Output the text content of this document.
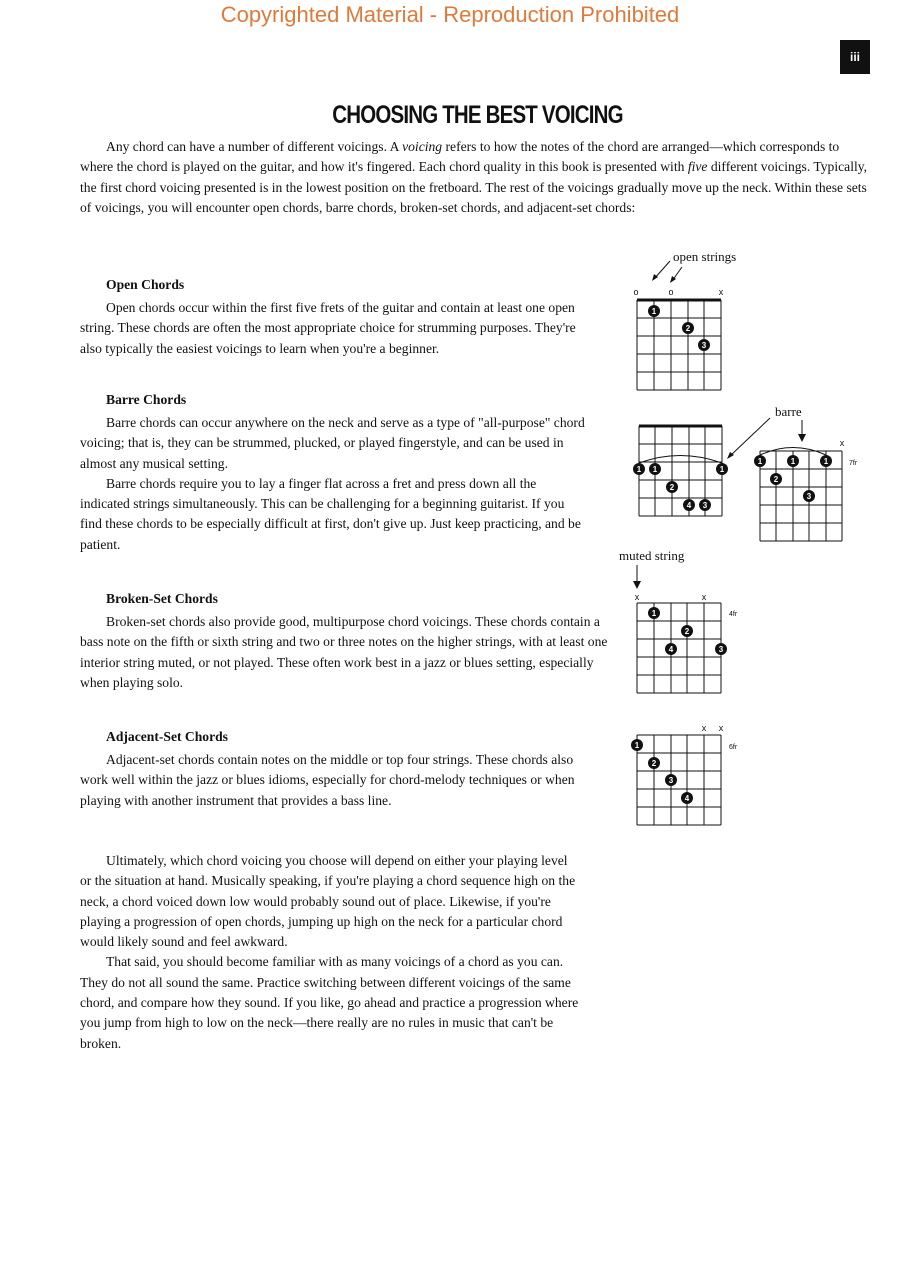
Copyrighted Material - Reproduction Prohibited
iii
CHOOSING THE BEST VOICING

Any chord can have a number of different voicings. A voicing refers to how the notes of the chord are arranged—which corresponds to where the chord is played on the guitar, and how it's fingered. Each chord quality in this book is presented with five different voicings. Typically, the first chord voicing presented is in the lowest position on the fretboard. The rest of the voicings gradually move up the neck. Within these sets of voicings, you will encounter open chords, barre chords, broken-set chords, and adjacent-set chords:

Open Chords

Open chords occur within the first five frets of the guitar and contain at least one open string. These chords are often the most appropriate choice for strumming purposes. They're also typically the easiest voicings to learn when you're a beginner.

Barre Chords

Barre chords can occur anywhere on the neck and serve as a type of "all-purpose" chord voicing; that is, they can be strummed, plucked, or played fingerstyle, and can be used in almost any musical setting.

Barre chords require you to lay a finger flat across a fret and press down all the indicated strings simultaneously. This can be challenging for a beginning guitarist. If you find these chords to be especially difficult at first, don't give up. Just keep practicing, and be patient.

Broken-Set Chords

Broken-set chords also provide good, multipurpose chord voicings. These chords contain a bass note on the fifth or sixth string and two or three notes on the higher strings, with at least one interior string muted, or not played. These often work best in a jazz or blues setting, especially when playing solo.

Adjacent-Set Chords

Adjacent-set chords contain notes on the middle or top four strings. These chords also work well within the jazz or blues idioms, especially for chord-melody techniques or when playing with another instrument that provides a bass line.

Ultimately, which chord voicing you choose will depend on either your playing level or the situation at hand. Musically speaking, if you're playing a chord sequence high on the neck, a chord voiced down low would probably sound out of place. Likewise, if you're playing a progression of open chords, jumping up high on the neck for a particular chord would likely sound and feel awkward.

That said, you should become familiar with as many voicings of a chord as you can. They do not all sound the same. Practice switching between different voicings of the same chord, and compare how they sound. If you like, go ahead and practice a progression where you jump from high to low on the neck—there really are no rules in music that can't be broken.

open strings
o	o	x
1
2
3
barre
1 1
2
4 3
1
x
7fr
1
2
3
1	1
muted string
x	x
4fr
1
2
4	3
x x
6fr
1
2
3
4
